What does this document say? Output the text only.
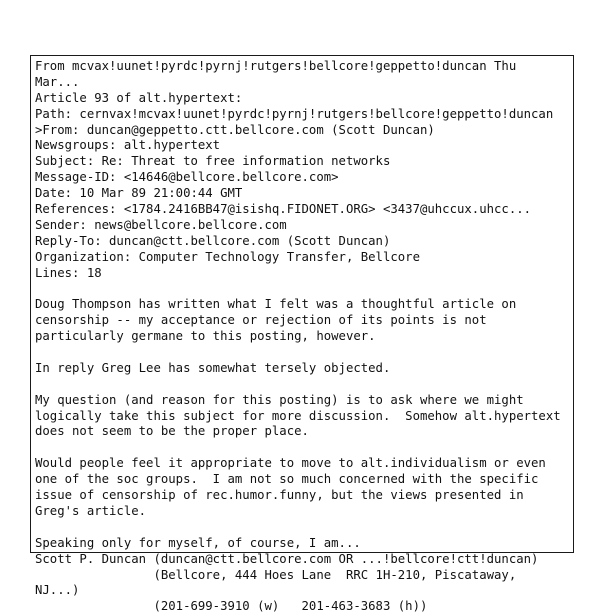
From mcvax!uunet!pyrdc!pyrnj!rutgers!bellcore!geppetto!duncan Thu
Mar...
Article 93 of alt.hypertext:
Path: cernvax!mcvax!uunet!pyrdc!pyrnj!rutgers!bellcore!geppetto!duncan
>From: duncan@geppetto.ctt.bellcore.com (Scott Duncan)
Newsgroups: alt.hypertext
Subject: Re: Threat to free information networks
Message-ID: <14646@bellcore.bellcore.com>
Date: 10 Mar 89 21:00:44 GMT
References: <1784.2416BB47@isishq.FIDONET.ORG> <3437@uhccux.uhcc...
Sender: news@bellcore.bellcore.com
Reply-To: duncan@ctt.bellcore.com (Scott Duncan)
Organization: Computer Technology Transfer, Bellcore
Lines: 18
Doug Thompson has written what I felt was a thoughtful article on
censorship -- my acceptance or rejection of its points is not
particularly germane to this posting, however.
In reply Greg Lee has somewhat tersely objected.
My question (and reason for this posting) is to ask where we might
logically take this subject for more discussion.  Somehow alt.hypertext
does not seem to be the proper place.
Would people feel it appropriate to move to alt.individualism or even
one of the soc groups.  I am not so much concerned with the specific
issue of censorship of rec.humor.funny, but the views presented in
Greg's article.
Speaking only for myself, of course, I am...
Scott P. Duncan (duncan@ctt.bellcore.com OR ...!bellcore!ctt!duncan)
(Bellcore, 444 Hoes Lane  RRC 1H-210, Piscataway,
NJ...)
(201-699-3910 (w)   201-463-3683 (h))
